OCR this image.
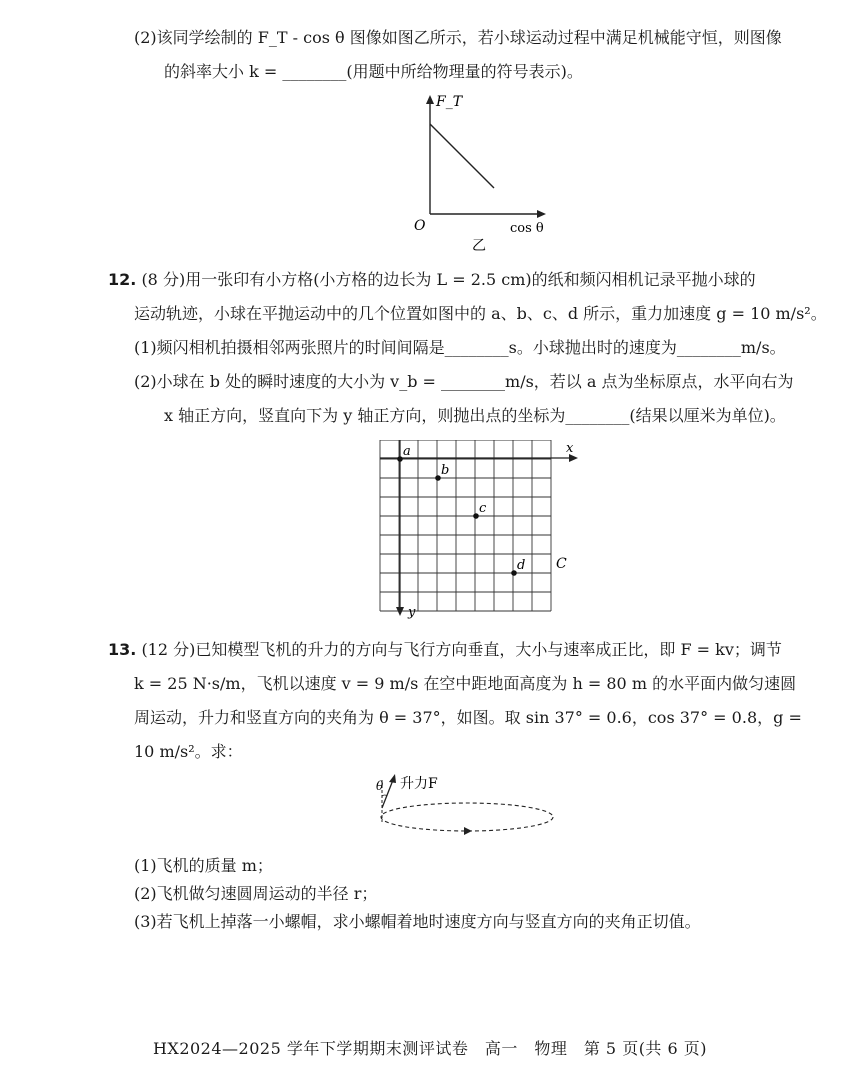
(2)该同学绘制的 F_T - cos θ 图像如图乙所示，若小球运动过程中满足机械能守恒，则图像
的斜率大小 k = ________(用题中所给物理量的符号表示)。
F_T
O	cos θ
乙
12. (8 分)用一张印有小方格(小方格的边长为 L = 2.5 cm)的纸和频闪相机记录平抛小球的
运动轨迹，小球在平抛运动中的几个位置如图中的 a、b、c、d 所示，重力加速度 g = 10 m/s²。
(1)频闪相机拍摄相邻两张照片的时间间隔是________s。小球抛出时的速度为________m/s。
(2)小球在 b 处的瞬时速度的大小为 v_b = ________m/s，若以 a 点为坐标原点，水平向右为
x 轴正方向，竖直向下为 y 轴正方向，则抛出点的坐标为________(结果以厘米为单位)。
x
y
C
a
b
c
d
13. (12 分)已知模型飞机的升力的方向与飞行方向垂直，大小与速率成正比，即 F = kv；调节
k = 25 N·s/m，飞机以速度 v = 9 m/s 在空中距地面高度为 h = 80 m 的水平面内做匀速圆
周运动，升力和竖直方向的夹角为 θ = 37°，如图。取 sin 37° = 0.6，cos 37° = 0.8，g =
10 m/s²。求：
θ 升力F
(1)飞机的质量 m；
(2)飞机做匀速圆周运动的半径 r；
(3)若飞机上掉落一小螺帽，求小螺帽着地时速度方向与竖直方向的夹角正切值。
HX2024—2025 学年下学期期末测评试卷　高一　物理　第 5 页(共 6 页)
